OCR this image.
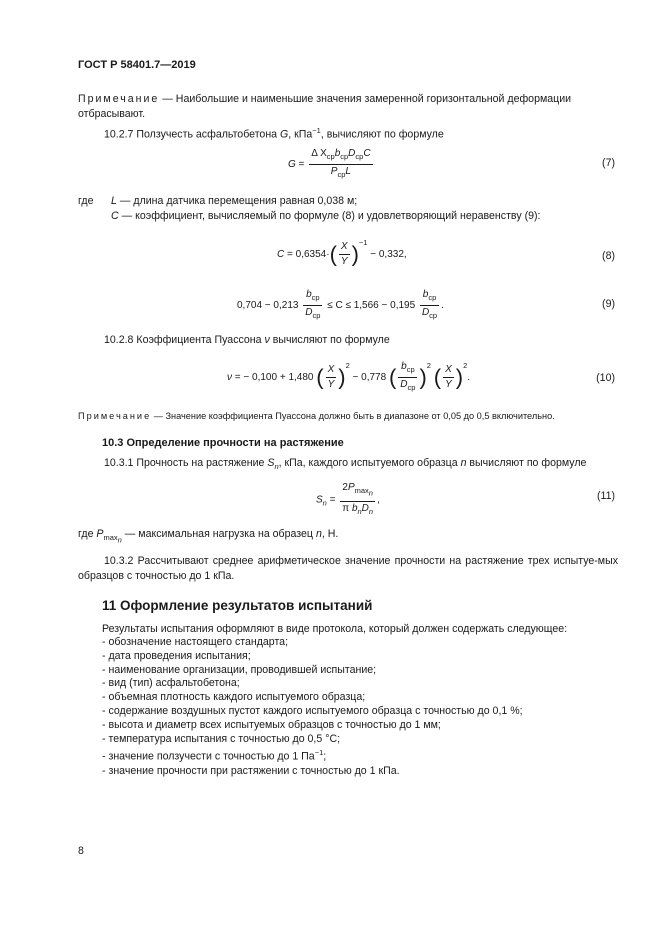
ГОСТ Р 58401.7—2019
Примечание — Наибольшие и наименьшие значения замеренной горизонтальной деформации отбрасывают.
10.2.7 Ползучесть асфальтобетона G, кПа$^{-1}$, вычисляют по формуле
$G = \frac{\Delta X_{ср}b_{ср}D_{ср}C}{P_{ср}L}$	(7)
где L — длина датчика перемещения равная 0,038 м;
C — коэффициент, вычисляемый по формуле (8) и удовлетворяющий неравенству (9):
$C = 0,6354\cdot( \frac{X}{Y} )^{-1} - 0,332$,	(8)
$0,704 - 0,213 \frac{b_{ср}}{D_{ср}} \le C \le 1,566 - 0,195 \frac{b_{ср}}{D_{ср}}$ .	(9)
10.2.8 Коэффициента Пуассона ν вычисляют по формуле
ν = − 0,100 + 1,480 ( $\frac{X}{Y} )^2 - 0,778$ ( $\frac{b_{ср}}{D_{ср}} )^2$ ( $\frac{X}{Y} )^2$.	(10)
Примечание — Значение коэффициента Пуассона должно быть в диапазоне от 0,05 до 0,5 включительно.
10.3 Определение прочности на растяжение
10.3.1 Прочность на растяжение $S_n$, кПа, каждого испытуемого образца n вычисляют по формуле
$S_n = \frac{2P_{max_n}}{\pi b_nD_n}$ ,	(11)
где $P_{max_n}$ — максимальная нагрузка на образец n, Н.
10.3.2 Рассчитывают среднее арифметическое значение прочности на растяжение трех испытуе-мых образцов с точностью до 1 кПа.
11 Оформление результатов испытаний
Результаты испытания оформляют в виде протокола, который должен содержать следующее:
- обозначение настоящего стандарта;
- дата проведения испытания;
- наименование организации, проводившей испытание;
- вид (тип) асфальтобетона;
- объемная плотность каждого испытуемого образца;
- содержание воздушных пустот каждого испытуемого образца с точностью до 0,1 %;
- высота и диаметр всех испытуемых образцов с точностью до 1 мм;
- температура испытания с точностью до 0,5 °С;
- значение ползучести с точностью до 1 $Па^{-1}$;
- значение прочности при растяжении с точностью до 1 кПа.
8
